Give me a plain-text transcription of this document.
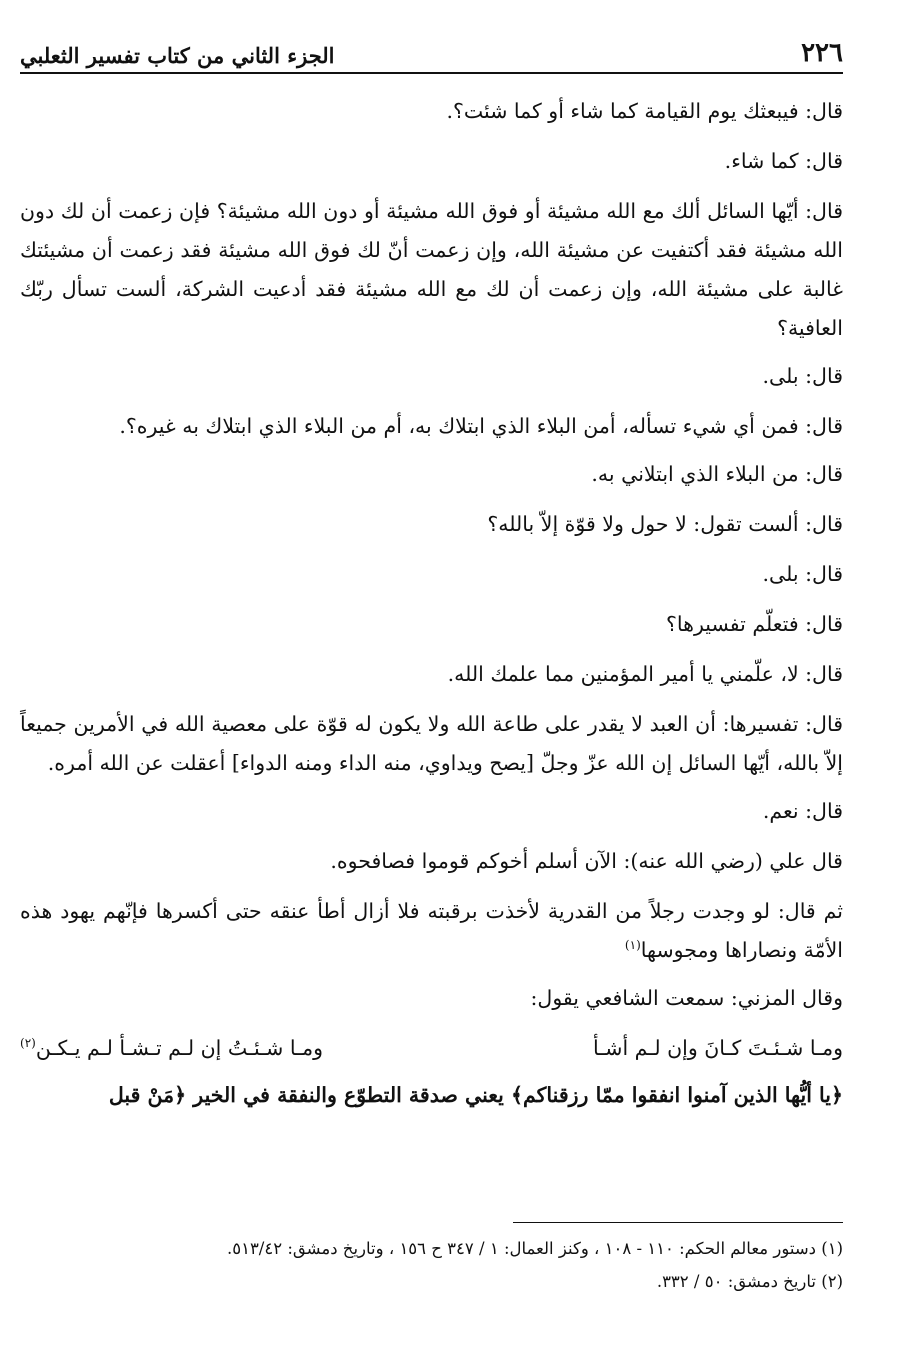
٢٢٦
الجزء الثاني من كتاب تفسير الثعلبي

قال: فيبعثك يوم القيامة كما شاء أو كما شئت؟.

قال: كما شاء.

قال: أيّها السائل ألك مع الله مشيئة أو فوق الله مشيئة أو دون الله مشيئة؟ فإن زعمت أن لك دون الله مشيئة فقد أكتفيت عن مشيئة الله، وإن زعمت أنّ لك فوق الله مشيئة فقد زعمت أن مشيئتك غالبة على مشيئة الله، وإن زعمت أن لك مع الله مشيئة فقد أدعيت الشركة، ألست تسأل ربّك العافية؟

قال: بلى.

قال: فمن أي شيء تسأله، أمن البلاء الذي ابتلاك به، أم من البلاء الذي ابتلاك به غيره؟.

قال: من البلاء الذي ابتلاني به.

قال: ألست تقول: لا حول ولا قوّة إلاّ بالله؟

قال: بلى.

قال: فتعلّم تفسيرها؟

قال: لا، علّمني يا أمير المؤمنين مما علمك الله.

قال: تفسيرها: أن العبد لا يقدر على طاعة الله ولا يكون له قوّة على معصية الله في الأمرين جميعاً إلاّ بالله، أيّها السائل إن الله عزّ وجلّ [يصح ويداوي، منه الداء ومنه الدواء] أعقلت عن الله أمره.

قال: نعم.

قال علي (رضي الله عنه): الآن أسلم أخوكم قوموا فصافحوه.

ثم قال: لو وجدت رجلاً من القدرية لأخذت برقبته فلا أزال أطأ عنقه حتى أكسرها فإنّهم يهود هذه الأمّة ونصاراها ومجوسها$^{(١)}$

وقال المزني: سمعت الشافعي يقول:

ومـا شـئـتَ كـانَ وإن لـم أشـأ
ومـا شـئـتُ إن لـم تـشـأ لـم يـكـن$^{(٢)}$

﴿يا أيُّها الذين آمنوا انفقوا ممّا رزقناكم﴾ يعني صدقة التطوّع والنفقة في الخير ﴿مَنْ قبل

(١) دستور معالم الحكم: ١١٠ - ١٠٨ ، وكنز العمال: ١ / ٣٤٧ ح ١٥٦ ، وتاريخ دمشق: ٥١٣/٤٢.

(٢) تاريخ دمشق: ٥٠ / ٣٣٢.
